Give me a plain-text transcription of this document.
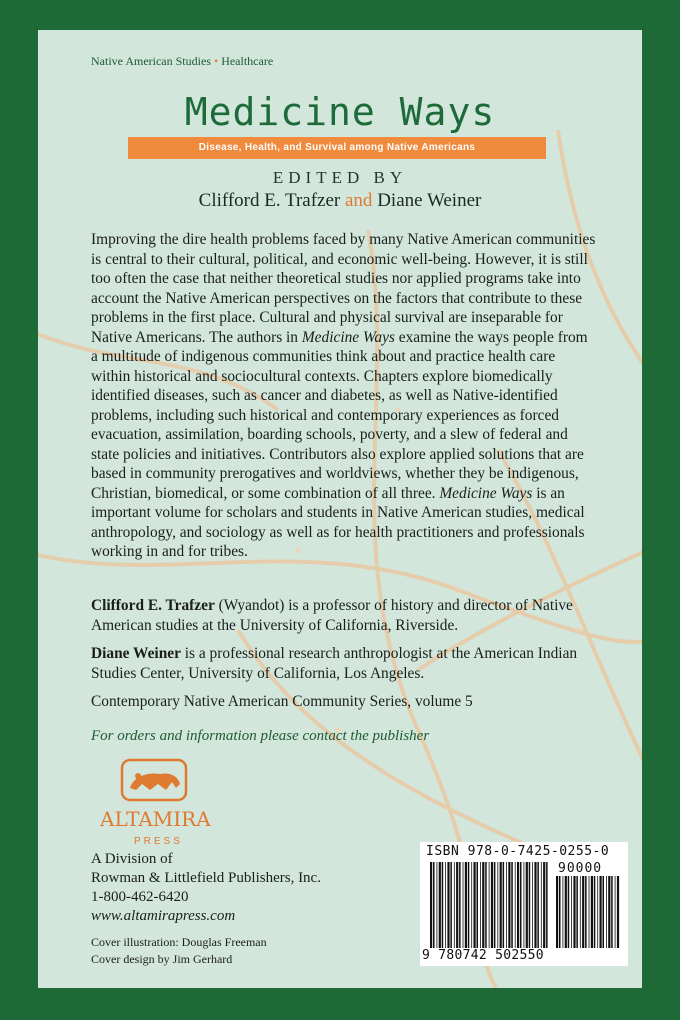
Native American Studies • Healthcare
Medicine Ways
Disease, Health, and Survival among Native Americans
EDITED BY
Clifford E. Trafzer and Diane Weiner
Improving the dire health problems faced by many Native American communities is central to their cultural, political, and economic well-being. However, it is still too often the case that neither theoretical studies nor applied programs take into account the Native American perspectives on the factors that contribute to these problems in the first place. Cultural and physical survival are inseparable for Native Americans. The authors in Medicine Ways examine the ways people from a multitude of indigenous communities think about and practice health care within historical and sociocultural contexts. Chapters explore biomedically identified diseases, such as cancer and diabetes, as well as Native-identified problems, including such historical and contemporary experiences as forced evacuation, assimilation, boarding schools, poverty, and a slew of federal and state policies and initiatives. Contributors also explore applied solutions that are based in community prerogatives and worldviews, whether they be indigenous, Christian, biomedical, or some combination of all three. Medicine Ways is an important volume for scholars and students in Native American studies, medical anthropology, and sociology as well as for health practitioners and professionals working in and for tribes.
Clifford E. Trafzer (Wyandot) is a professor of history and director of Native American studies at the University of California, Riverside.
Diane Weiner is a professional research anthropologist at the American Indian Studies Center, University of California, Los Angeles.
Contemporary Native American Community Series, volume 5
For orders and information please contact the publisher
ALTAMIRA
PRESS
A Division of
Rowman & Littlefield Publishers, Inc.
1-800-462-6420
www.altamirapress.com
Cover illustration: Douglas Freeman
Cover design by Jim Gerhard
ISBN 978-0-7425-0255-0
90000
9 780742 502550
